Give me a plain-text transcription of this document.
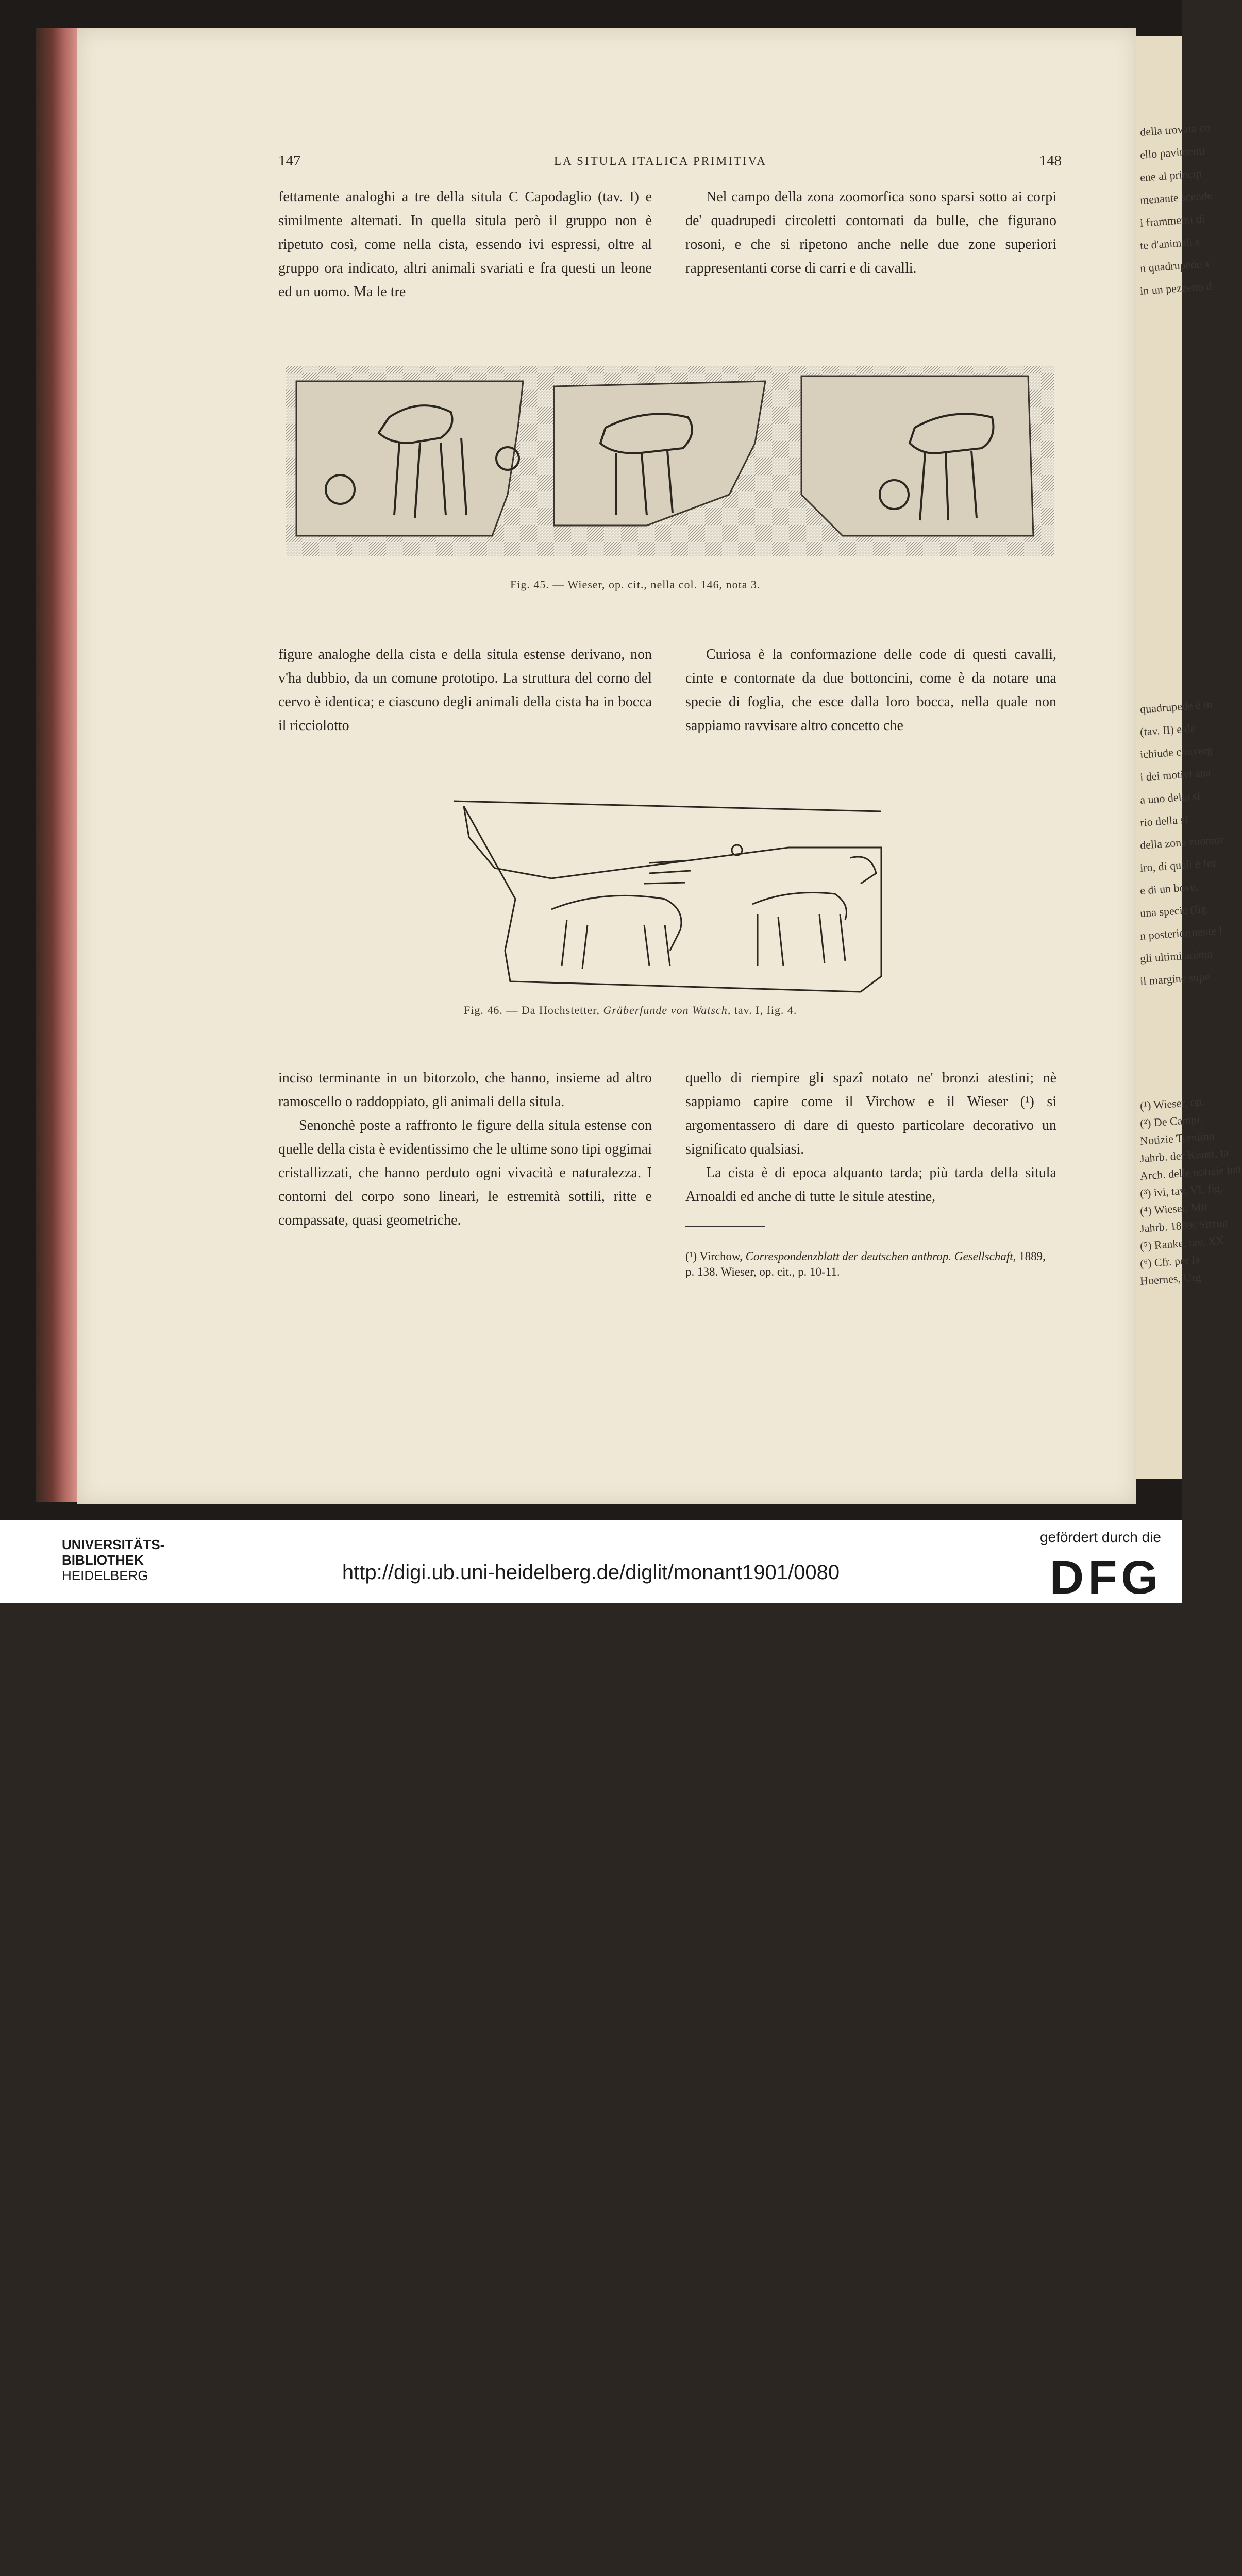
della trovata co
ello pavimenti
ene al princip
menante scende
i frammenti di
te d'animali s
n quadrupede a
in un pezzetto d
quadrupede è in
(tav. II) e de
ichiude converg
i dei motivi ana
a uno della si
rio della si
della zona zoomor
iro, di quali è for
e di un bove,
una specie (fig
n posteriormente l
gli ultimi anima
il margine supe
(¹) Wieser, op.
(²) De Campi,
Notizie Trentino
Jahrb. der Kunst, ta
Arch. delle notizie inn
(³) ivi, tav. VI, fig.
(⁴) Wieser, Mit
Jahrb. 1889; Sitzun
(⁵) Ranke, tav. XX
(⁶) Cfr. per la
Hoernes, Urg
147	LA SITULA ITALICA PRIMITIVA	148

fettamente analoghi a tre della situla C Capodaglio (tav. I) e similmente alternati. In quella situla però il gruppo non è ripetuto così, come nella cista, essendo ivi espressi, oltre al gruppo ora indicato, altri animali svariati e fra questi un leone ed un uomo. Ma le tre

Nel campo della zona zoomorfica sono sparsi sotto ai corpi de' quadrupedi circoletti contornati da bulle, che figurano rosoni, e che si ripetono anche nelle due zone superiori rappresentanti corse di carri e di cavalli.

Fig. 45. — Wieser, op. cit., nella col. 146, nota 3.

figure analoghe della cista e della situla estense derivano, non v'ha dubbio, da un comune prototipo. La struttura del corno del cervo è identica; e ciascuno degli animali della cista ha in bocca il ricciolotto

Curiosa è la conformazione delle code di questi cavalli, cinte e contornate da due bottoncini, come è da notare una specie di foglia, che esce dalla loro bocca, nella quale non sappiamo ravvisare altro concetto che

Fig. 46. — Da Hochstetter, Gräberfunde von Watsch, tav. I, fig. 4.

inciso terminante in un bitorzolo, che hanno, insieme ad altro ramoscello o raddoppiato, gli animali della situla.

Senonchè poste a raffronto le figure della situla estense con quelle della cista è evidentissimo che le ultime sono tipi oggimai cristallizzati, che hanno perduto ogni vivacità e naturalezza. I contorni del corpo sono lineari, le estremità sottili, ritte e compassate, quasi geometriche.

quello di riempire gli spazî notato ne' bronzi atestini; nè sappiamo capire come il Virchow e il Wieser (¹) si argomentassero di dare di questo particolare decorativo un significato qualsiasi.

La cista è di epoca alquanto tarda; più tarda della situla Arnoaldi ed anche di tutte le situle atestine,

(¹) Virchow, Correspondenzblatt der deutschen anthrop. Gesellschaft, 1889, p. 138. Wieser, op. cit., p. 10-11.
UNIVERSITÄTS-
BIBLIOTHEK
HEIDELBERG	http://digi.ub.uni-heidelberg.de/diglit/monant1901/0080
gefördert durch die
DFG
